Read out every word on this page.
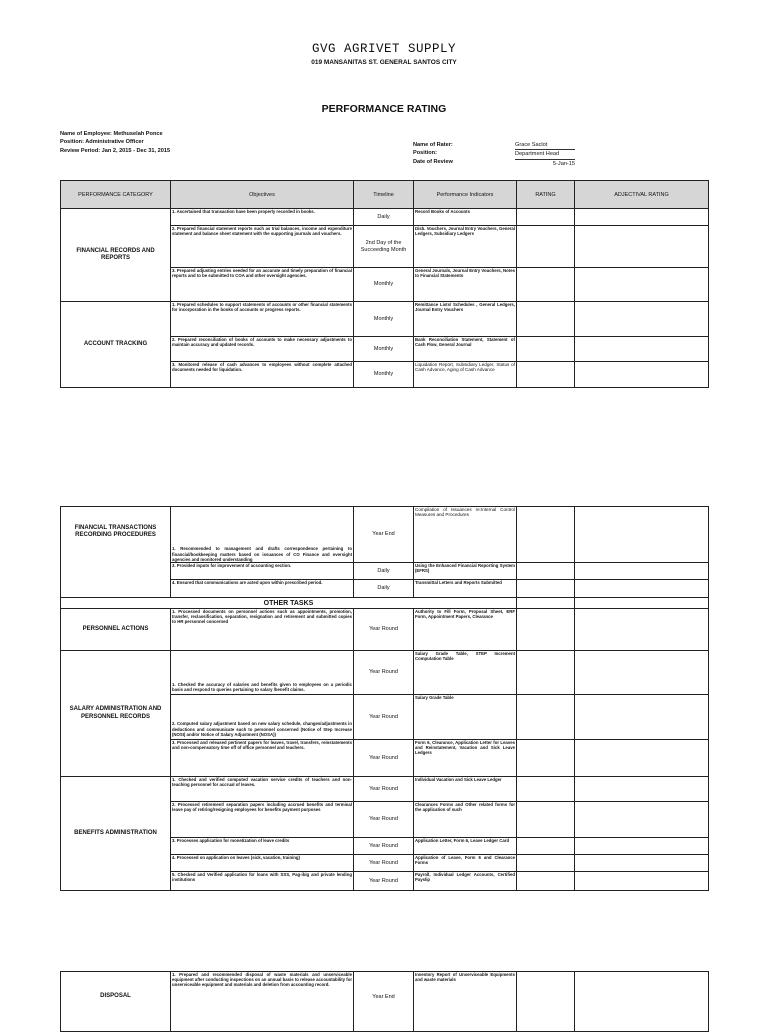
GVG AGRIVET SUPPLY
019 MANSANITAS ST. GENERAL SANTOS CITY
PERFORMANCE RATING
Name of Employee: Methuselah Ponce
Position: Administrative Officer
Review Period: Jan 2, 2015 - Dec 31, 2015
Name of Rater:
Position:
Date of Review
Grace Saclot
Department Head
5-Jan-15
PERFORMANCE CATEGORY	Objectives	Timeline	Performance Indicators	RATING	ADJECTIVAL RATING
FINANCIAL RECORDS AND REPORTS	1. Ascertained that transaction have been properly recorded in books.	Daily	Record Books of Accounts		
	2. Prepared financial statement reports such as trial balances, income and expenditure statement and balance sheet statement with the supporting journals and vouchers.	2nd Day of the Succeeding Month	Disb. Vouchers, Journal Entry Vouchers, General Ledgers, Subsidiary Ledgers		
	3. Prepared adjusting entries needed for an accurate and timely preparation of financial reports and to be submitted to COA and other oversight agencies.	Monthly	General Journals, Journal Entry Vouchers, Notes to Financial Statements		
ACCOUNT TRACKING	1. Prepared schedules to support statements of accounts or other financial statements for incorporation in the books of accounts or progress reports.	Monthly	Remittance Lists/ Schedules , General Ledgers, Journal Entry Vouchers		
	2. Prepared reconciliation of books of accounts to make necessary adjustments to maintain accuracy and updated records.	Monthly	Bank Reconciliation Statement, Statement of Cash Flow, General Journal		
	3. Monitored release of cash advances to employees without complete attached documents needed for liquidation.	Monthly	Liquidation Report, Subsidiary Ledger, Status of Cash Advance, Aging of Cash Advance		
FINANCIAL TRANSACTIONS RECORDING PROCEDURES	1. Recommended to management and drafts correspondence pertaining to financial/bookkeeping matters based on issuances of CO Finance and oversight agencies and monitored understanding	Year End	Compilation of Issuances re:Internal Control Measures and Procedures		
	3. Provided inputs for improvement of accounting section.	Daily	Using the Enhanced Financial Reporting System (EFRS)		
	4. Ensured that communications are acted upon within prescribed period.	Daily	Transmittal Letters and Reports Submitted		
OTHER TASKS					
PERSONNEL ACTIONS	1. Processed documents on personnel actions such as appointments, promotion, transfer, reclassification, separation, resignation and retirement and submitted copies to HR personnel concerned	Year Round	Authority to Fill Form, Proposal Sheet, ERF Form, Appointment Papers, Clearance		
SALARY ADMINISTRATION AND PERSONNEL RECORDS	1. Checked the accuracy of salaries and benefits given to employees on a periodic basis and respond to queries pertaining to salary /benefit claims.	Year Round	Salary Grade Table, STEP Increment Computation Table		
	2. Computed salary adjustment based on new salary schedule, changes/adjustments in deductions and communicate such to personnel concerned (Notice of Step Increase (NOSI) and/or Notice of Salary Adjustment (NOSA))	Year Round	Salary Grade Table		
	3. Processed and released pertinent papers for leaves, travel, transfers, reinstatements and non-compensatory time off of office personnel and teachers.	Year Round	Form 6, Clearance, Application Letter for Leaves and Reinstatement, Vacation and Sick Leave Ledgers		
BENEFITS ADMINISTRATION	1. Checked and verified computed vacation service credits of teachers and non-teaching personnel for accrual of leaves.	Year Round	Individual Vacation and Sick Leave Ledger		
	2. Processed retirement/ separation papers including accrued benefits and terminal leave pay of retiring/resigning employees for benefits payment purposes	Year Round	Clearances Forms and Other related forms for the application of such		
	3. Processes application for monetization of leave credits	Year Round	Application Letter, Form 6, Leave Ledger Card		
	4. Processed on application on leaves (sick, vacation, training)	Year Round	Application of Leave, Form 6 and Clearance Forms		
	5. Checked and Verified application for loans with SSS, Pag-ibig and private lending institutions	Year Round	Payroll, Individual Ledger Accounts, Certified Payslip		
DISPOSAL	1. Prepared and recommended disposal of waste materials and unserviceable equipment after conducting inspections on an annual basis to release accountability for unserviceable equipment and materials and deletion from accounting record.	Year End	Inventory Report of Unserviceable Equipments and waste materials		
